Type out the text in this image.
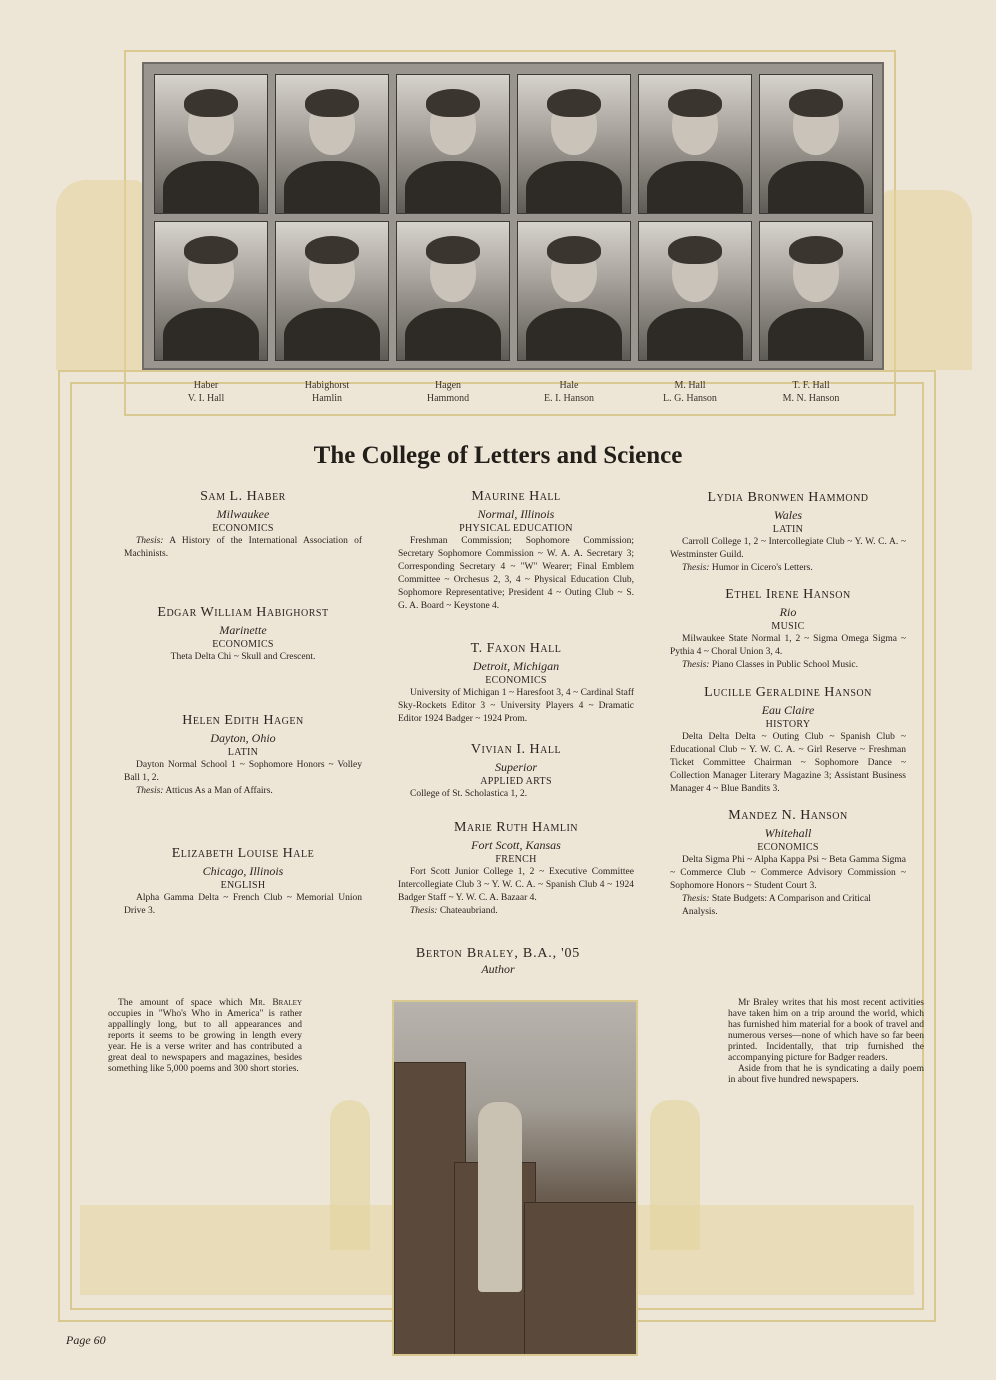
Haber
V. I. Hall
Habighorst
Hamlin
Hagen
Hammond
Hale
E. I. Hanson
M. Hall
L. G. Hanson
T. F. Hall
M. N. Hanson
The College of Letters and Science
Sam L. Haber
Milwaukee
ECONOMICS
Thesis: A History of the International Association of Machinists.
Edgar William Habighorst
Marinette
ECONOMICS
Theta Delta Chi ~ Skull and Crescent.
Helen Edith Hagen
Dayton, Ohio
LATIN
Dayton Normal School 1 ~ Sophomore Honors ~ Volley Ball 1, 2.
Thesis: Atticus As a Man of Affairs.
Elizabeth Louise Hale
Chicago, Illinois
ENGLISH
Alpha Gamma Delta ~ French Club ~ Memorial Union Drive 3.
Maurine Hall
Normal, Illinois
PHYSICAL EDUCATION
Freshman Commission; Sophomore Commission; Secretary Sophomore Commission ~ W. A. A. Secretary 3; Corresponding Secretary 4 ~ "W" Wearer; Final Emblem Committee ~ Orchesus 2, 3, 4 ~ Physical Education Club, Sophomore Representative; President 4 ~ Outing Club ~ S. G. A. Board ~ Keystone 4.
T. Faxon Hall
Detroit, Michigan
ECONOMICS
University of Michigan 1 ~ Haresfoot 3, 4 ~ Cardinal Staff Sky-Rockets Editor 3 ~ University Players 4 ~ Dramatic Editor 1924 Badger ~ 1924 Prom.
Vivian I. Hall
Superior
APPLIED ARTS
College of St. Scholastica 1, 2.
Marie Ruth Hamlin
Fort Scott, Kansas
FRENCH
Fort Scott Junior College 1, 2 ~ Executive Committee Intercollegiate Club 3 ~ Y. W. C. A. ~ Spanish Club 4 ~ 1924 Badger Staff ~ Y. W. C. A. Bazaar 4.
Thesis: Chateaubriand.
Lydia Bronwen Hammond
Wales
LATIN
Carroll College 1, 2 ~ Intercollegiate Club ~ Y. W. C. A. ~ Westminster Guild.
Thesis: Humor in Cicero's Letters.
Ethel Irene Hanson
Rio
MUSIC
Milwaukee State Normal 1, 2 ~ Sigma Omega Sigma ~ Pythia 4 ~ Choral Union 3, 4.
Thesis: Piano Classes in Public School Music.
Lucille Geraldine Hanson
Eau Claire
HISTORY
Delta Delta Delta ~ Outing Club ~ Spanish Club ~ Educational Club ~ Y. W. C. A. ~ Girl Reserve ~ Freshman Ticket Committee Chairman ~ Sophomore Dance ~ Collection Manager Literary Magazine 3; Assistant Business Manager 4 ~ Blue Bandits 3.
Mandez N. Hanson
Whitehall
ECONOMICS
Delta Sigma Phi ~ Alpha Kappa Psi ~ Beta Gamma Sigma ~ Commerce Club ~ Commerce Advisory Commission ~ Sophomore Honors ~ Student Court 3.
Thesis: State Budgets: A Comparison and Critical Analysis.
Berton Braley, B.A., '05
Author
The amount of space which Mr. Braley occupies in "Who's Who in America" is rather appallingly long, but to all appearances and reports it seems to be growing in length every year. He is a verse writer and has contributed a great deal to newspapers and magazines, besides something like 5,000 poems and 300 short stories.
Mr Braley writes that his most recent activities have taken him on a trip around the world, which has furnished him material for a book of travel and numerous verses—none of which have so far been printed. Incidentally, that trip furnished the accompanying picture for Badger readers.
Aside from that he is syndicating a daily poem in about five hundred newspapers.
Page 60
